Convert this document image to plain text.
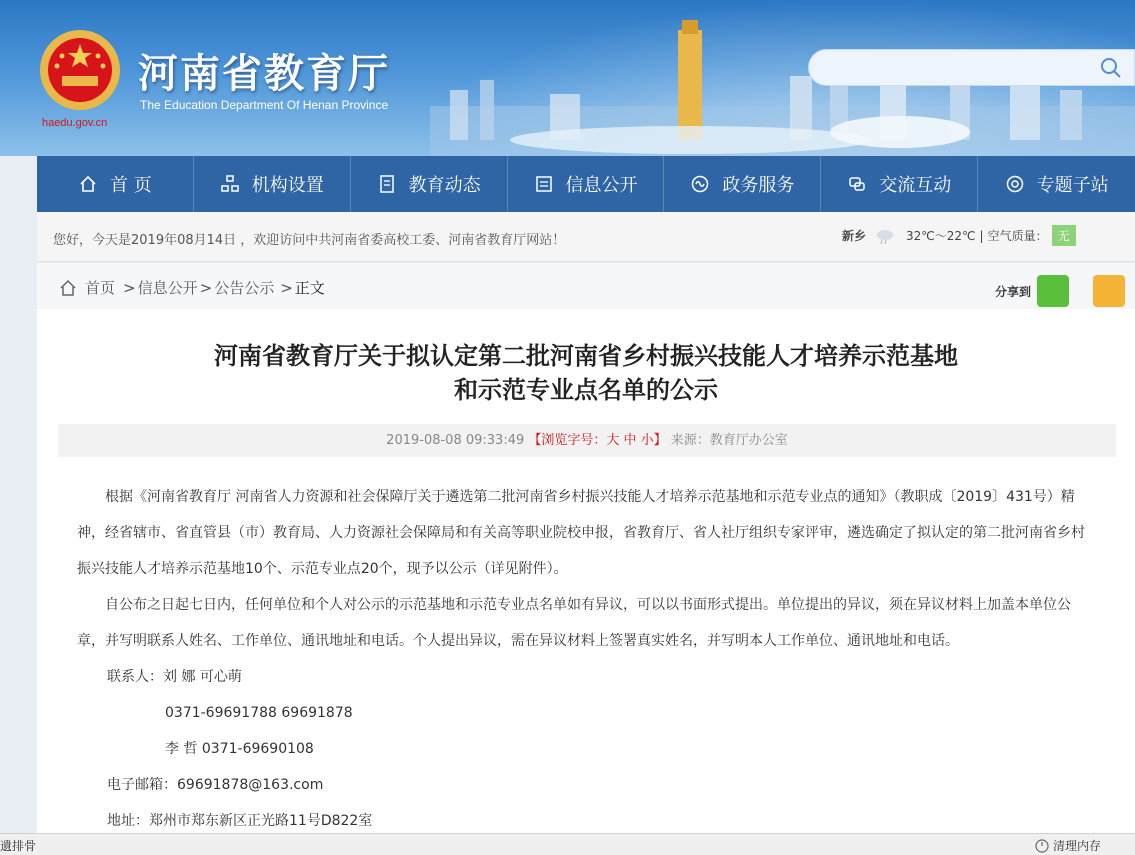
haedu.gov.cn
河南省教育厅
The Education Department Of Henan Province
首 页	机构设置	教育动态	信息公开	政务服务	交流互动	专题子站
您好，今天是2019年08月14日 ，欢迎访问中共河南省委高校工委、河南省教育厅网站！	新乡	32℃～22℃ | 空气质量： 无
首页 > 信息公开 > 公告公示 > 正文	分享到
河南省教育厅关于拟认定第二批河南省乡村振兴技能人才培养示范基地
和示范专业点名单的公示
2019-08-08 09:33:49 【浏览字号：大 中 小】 来源：教育厅办公室

根据《河南省教育厅 河南省人力资源和社会保障厅关于遴选第二批河南省乡村振兴技能人才培养示范基地和示范专业点的通知》（教职成〔2019〕431号）精神，经省辖市、省直管县（市）教育局、人力资源社会保障局和有关高等职业院校申报，省教育厅、省人社厅组织专家评审，遴选确定了拟认定的第二批河南省乡村振兴技能人才培养示范基地10个、示范专业点20个，现予以公示（详见附件）。

自公布之日起七日内，任何单位和个人对公示的示范基地和示范专业点名单如有异议，可以以书面形式提出。单位提出的异议，须在异议材料上加盖本单位公章，并写明联系人姓名、工作单位、通讯地址和电话。个人提出异议，需在异议材料上签署真实姓名，并写明本人工作单位、通讯地址和电话。

联系人：刘 娜 可心萌
0371-69691788 69691878
李 哲 0371-69690108
电子邮箱：69691878@163.com
地址：郑州市郑东新区正光路11号D822室
遺排骨	清理内存
